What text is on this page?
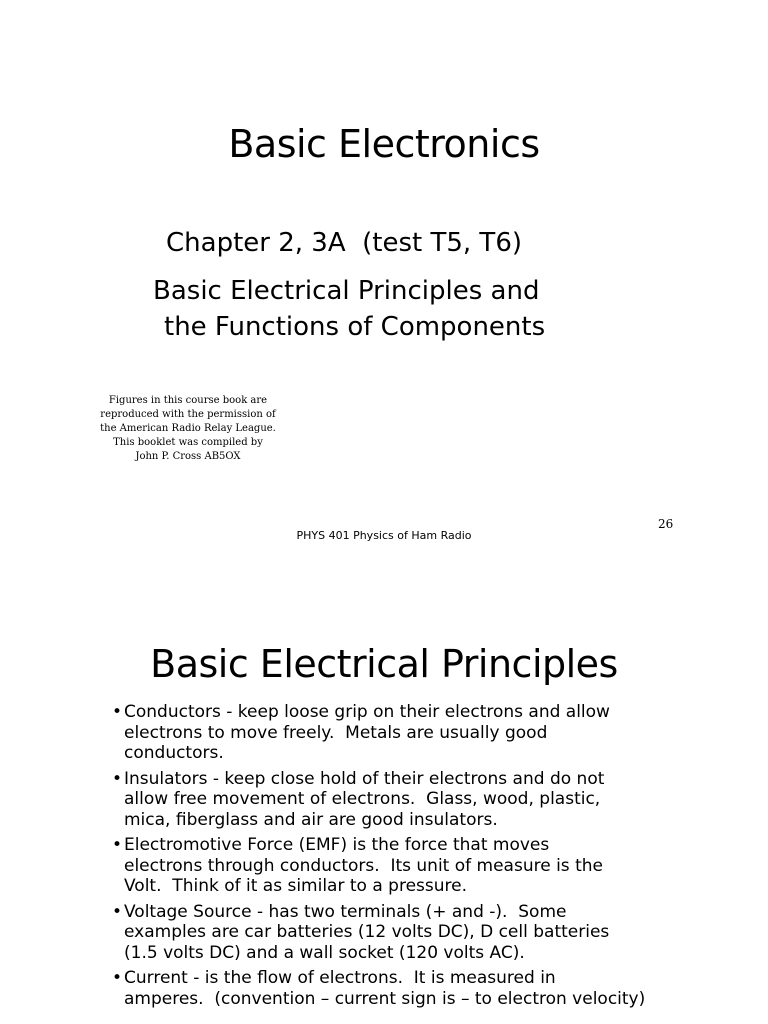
Basic Electronics
Chapter 2, 3A  (test T5, T6)
Basic Electrical Principles and
the Functions of Components
Figures in this course book are
reproduced with the permission of
the American Radio Relay League.
This booklet was compiled by
John P. Cross AB5OX
26
PHYS 401 Physics of Ham Radio
Basic Electrical Principles
• Conductors - keep loose grip on their electrons and allow
electrons to move freely.  Metals are usually good
conductors.
• Insulators - keep close hold of their electrons and do not
allow free movement of electrons.  Glass, wood, plastic,
mica, fiberglass and air are good insulators.
• Electromotive Force (EMF) is the force that moves
electrons through conductors.  Its unit of measure is the
Volt.  Think of it as similar to a pressure.
• Voltage Source - has two terminals (+ and -).  Some
examples are car batteries (12 volts DC), D cell batteries
(1.5 volts DC) and a wall socket (120 volts AC).
• Current - is the flow of electrons.  It is measured in
amperes.  (convention – current sign is – to electron velocity)
